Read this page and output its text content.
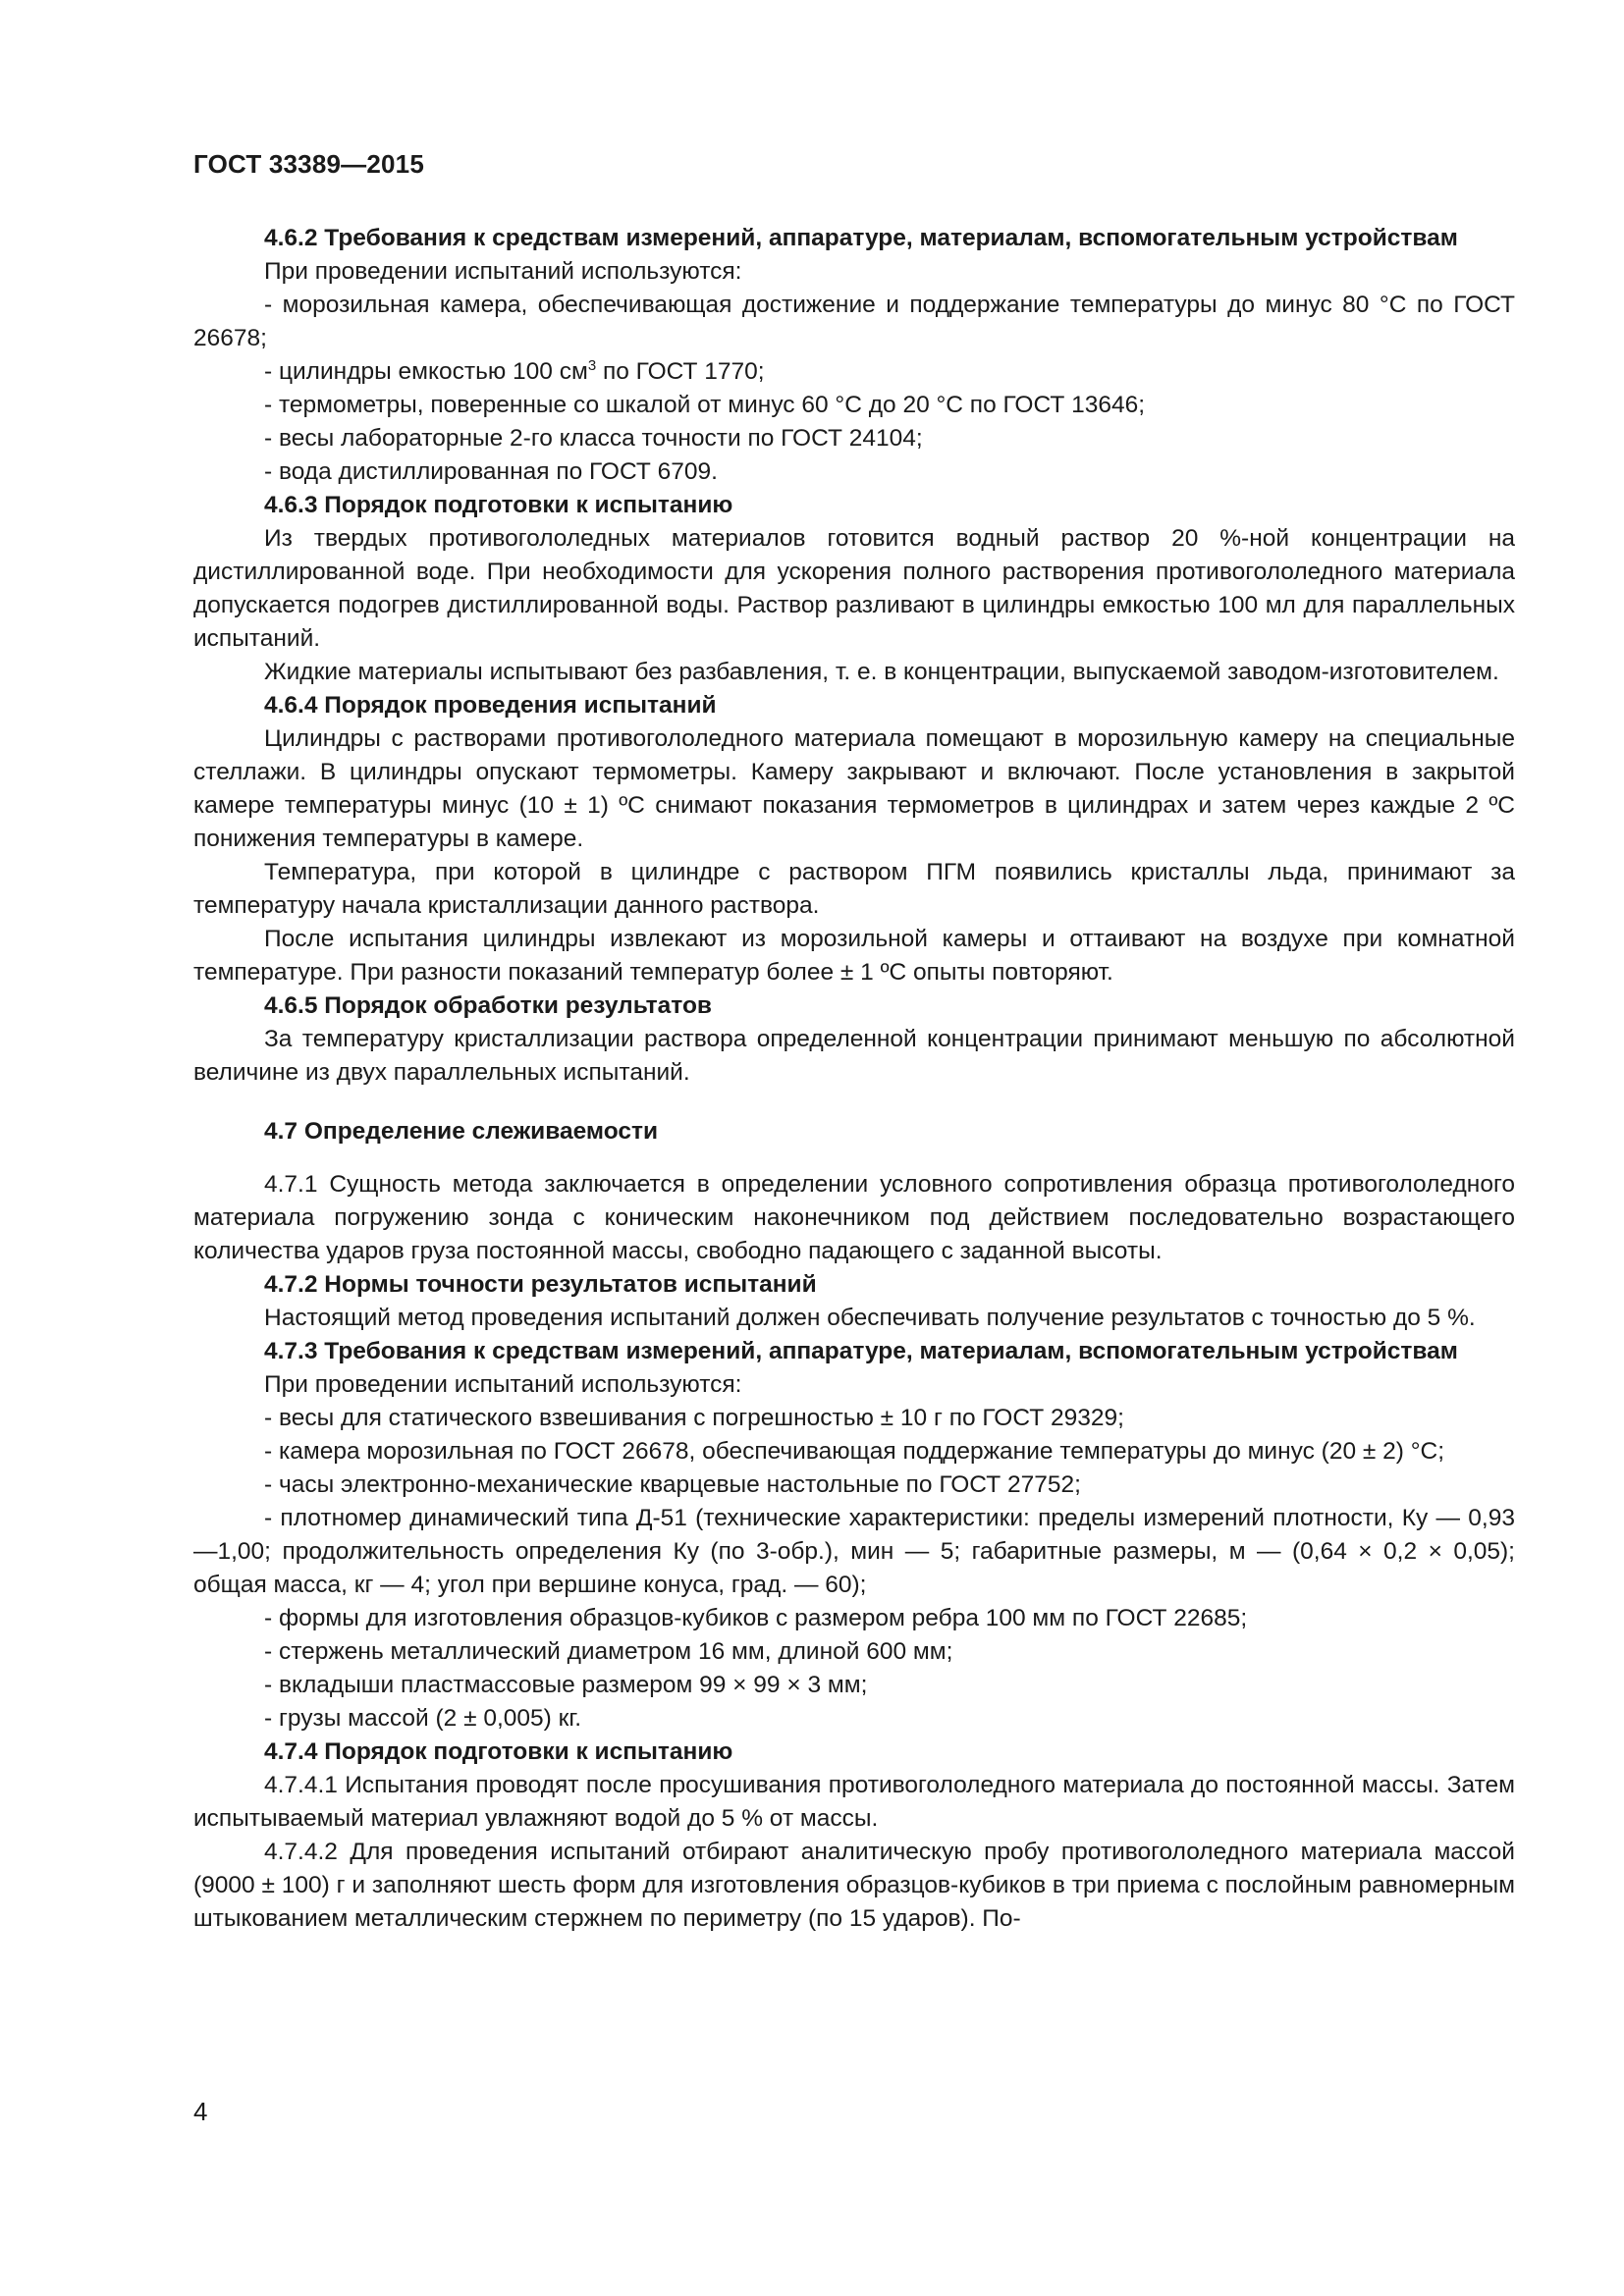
ГОСТ 33389—2015

4.6.2 Требования к средствам измерений, аппаратуре, материалам, вспомогательным устройствам

При проведении испытаний используются:

- морозильная камера, обеспечивающая достижение и поддержание температуры до минус 80 °С по ГОСТ 26678;

- цилиндры емкостью 100 $см^3$ по ГОСТ 1770;

- термометры, поверенные со шкалой от минус 60 °С до 20 °С по ГОСТ 13646;

- весы лабораторные 2-го класса точности по ГОСТ 24104;

- вода дистиллированная по ГОСТ 6709.

4.6.3 Порядок подготовки к испытанию

Из твердых противогололедных материалов готовится водный раствор 20 %-ной концентрации на дистиллированной воде. При необходимости для ускорения полного растворения противогололедного материала допускается подогрев дистиллированной воды. Раствор разливают в цилиндры емкостью 100 мл для параллельных испытаний.

Жидкие материалы испытывают без разбавления, т. е. в концентрации, выпускаемой заводом-изготовителем.

4.6.4 Порядок проведения испытаний

Цилиндры с растворами противогололедного материала помещают в морозильную камеру на специальные стеллажи. В цилиндры опускают термометры. Камеру закрывают и включают. После установления в закрытой камере температуры минус (10 ± 1) ºС снимают показания термометров в цилиндрах и затем через каждые 2 ºС понижения температуры в камере.

Температура, при которой в цилиндре с раствором ПГМ появились кристаллы льда, принимают за температуру начала кристаллизации данного раствора.

После испытания цилиндры извлекают из морозильной камеры и оттаивают на воздухе при комнатной температуре. При разности показаний температур более ± 1 ºС опыты повторяют.

4.6.5 Порядок обработки результатов

За температуру кристаллизации раствора определенной концентрации принимают меньшую по абсолютной величине из двух параллельных испытаний.

4.7 Определение слеживаемости

4.7.1 Сущность метода заключается в определении условного сопротивления образца противогололедного материала погружению зонда с коническим наконечником под действием последовательно возрастающего количества ударов груза постоянной массы, свободно падающего с заданной высоты.

4.7.2 Нормы точности результатов испытаний

Настоящий метод проведения испытаний должен обеспечивать получение результатов с точностью до 5 %.

4.7.3 Требования к средствам измерений, аппаратуре, материалам, вспомогательным устройствам

При проведении испытаний используются:

- весы для статического взвешивания с погрешностью ± 10 г по ГОСТ 29329;

- камера морозильная по ГОСТ 26678, обеспечивающая поддержание температуры до минус (20 ± 2) °С;

- часы электронно-механические кварцевые настольные по ГОСТ 27752;

- плотномер динамический типа Д-51 (технические характеристики: пределы измерений плотности, Ку — 0,93—1,00; продолжительность определения Ку (по 3-обр.), мин — 5; габаритные размеры, м — (0,64 × 0,2 × 0,05); общая масса, кг — 4; угол при вершине конуса, град. — 60);

- формы для изготовления образцов-кубиков с размером ребра 100 мм по ГОСТ 22685;

- стержень металлический диаметром 16 мм, длиной 600 мм;

- вкладыши пластмассовые размером 99 × 99 × 3 мм;

- грузы массой (2 ± 0,005) кг.

4.7.4 Порядок подготовки к испытанию

4.7.4.1 Испытания проводят после просушивания противогололедного материала до постоянной массы. Затем испытываемый материал увлажняют водой до 5 % от массы.

4.7.4.2 Для проведения испытаний отбирают аналитическую пробу противогололедного материала массой (9000 ± 100) г и заполняют шесть форм для изготовления образцов-кубиков в три приема с послойным равномерным штыкованием металлическим стержнем по периметру (по 15 ударов). По-

4
